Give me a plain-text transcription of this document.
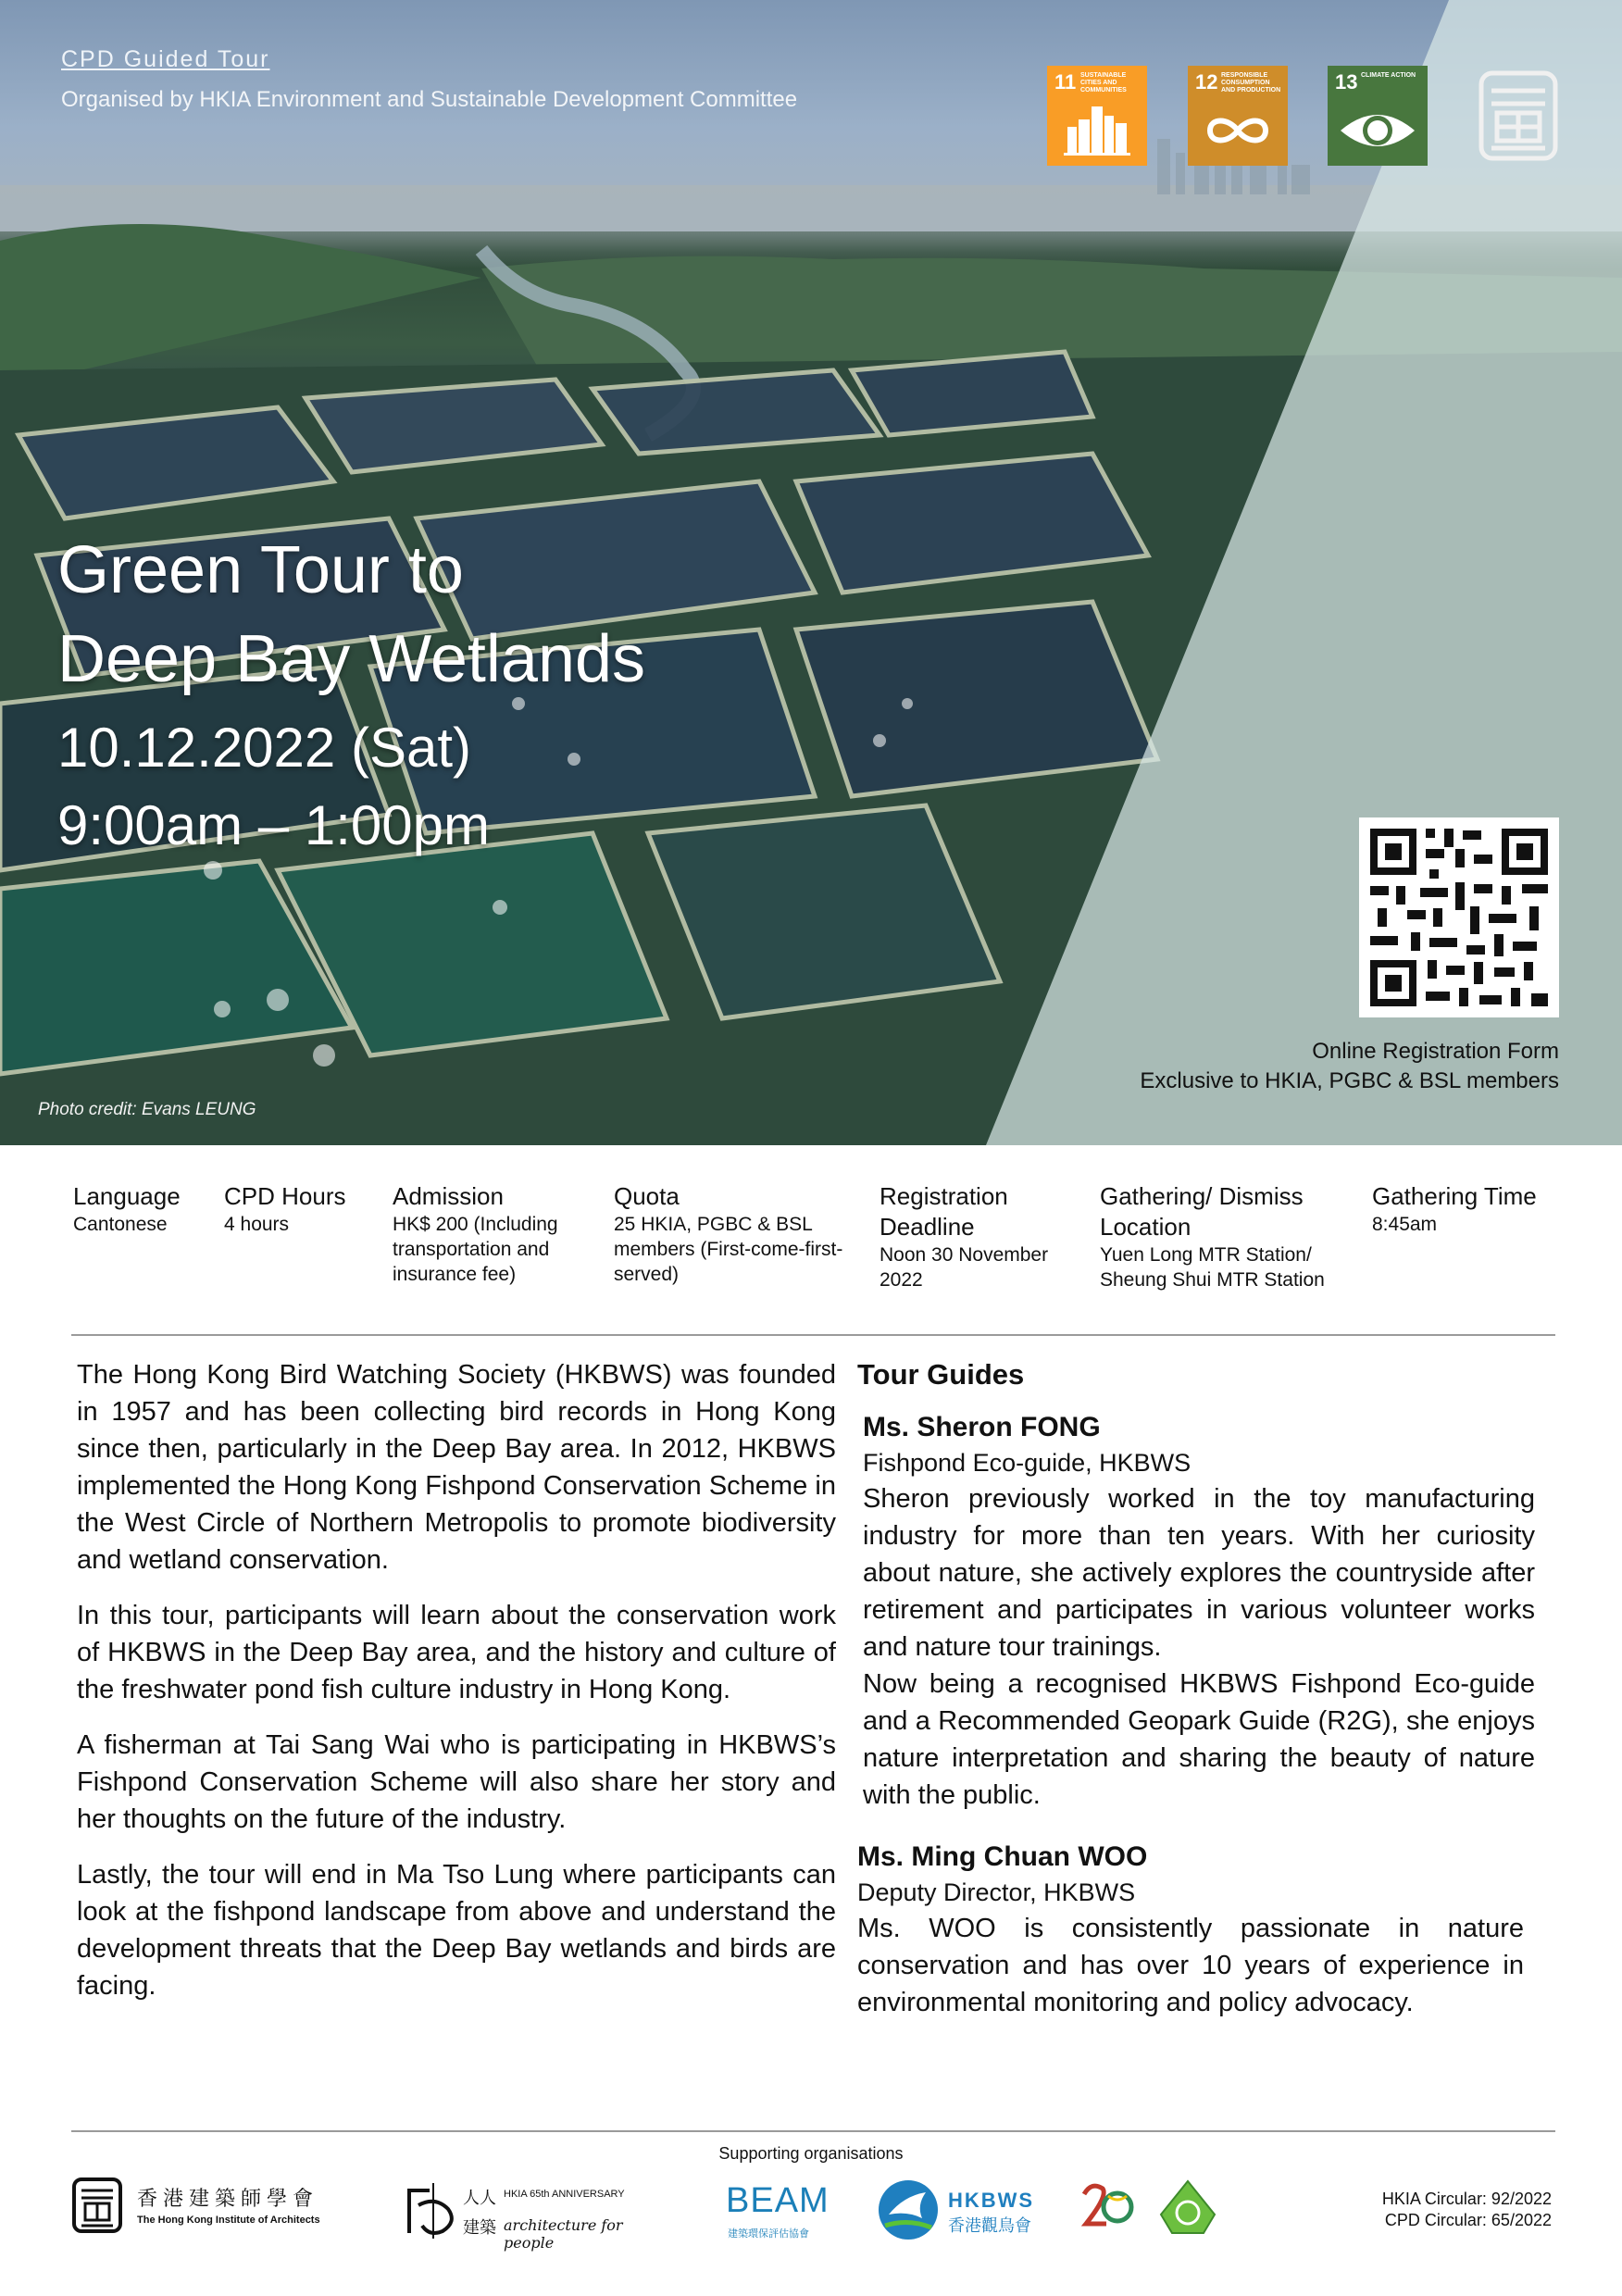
CPD Guided Tour
Organised by HKIA Environment and Sustainable Development Committee
11 SUSTAINABLE CITIES AND COMMUNITIES	12 RESPONSIBLE CONSUMPTION AND PRODUCTION	13 CLIMATE ACTION
Green Tour to
Deep Bay Wetlands
10.12.2022 (Sat)
9:00am – 1:00pm
Online Registration Form
Exclusive to HKIA, PGBC & BSL members
Photo credit: Evans LEUNG
Language
Cantonese
CPD Hours
4 hours
Admission
HK$ 200 (Including transportation and insurance fee)
Quota
25 HKIA, PGBC & BSL members (First-come-first-served)
Registration Deadline
Noon 30 November 2022
Gathering/ Dismiss Location
Yuen Long MTR Station/ Sheung Shui MTR Station
Gathering Time
8:45am

The Hong Kong Bird Watching Society (HKBWS) was founded in 1957 and has been collecting bird records in Hong Kong since then, particularly in the Deep Bay area. In 2012, HKBWS implemented the Hong Kong Fishpond Conservation Scheme in the West Circle of Northern Metropolis to promote biodiversity and wetland conservation.

In this tour, participants will learn about the conservation work of HKBWS in the Deep Bay area, and the history and culture of the freshwater pond fish culture industry in Hong Kong.

A fisherman at Tai Sang Wai who is participating in HKBWS’s Fishpond Conservation Scheme will also share her story and her thoughts on the future of the industry.

Lastly, the tour will end in Ma Tso Lung where participants can look at the fishpond landscape from above and understand the development threats that the Deep Bay wetlands and birds are facing.

Tour Guides
Ms. Sheron FONG
Fishpond Eco-guide, HKBWS
Sheron previously worked in the toy manufacturing industry for more than ten years. With her curiosity about nature, she actively explores the countryside after retirement and participates in various volunteer works and nature tour trainings.
Now being a recognised HKBWS Fishpond Eco-guide and a Recommended Geopark Guide (R2G), she enjoys nature interpretation and sharing the beauty of nature with the public.
Ms. Ming Chuan WOO
Deputy Director, HKBWS
Ms. WOO is consistently passionate in nature conservation and has over 10 years of experience in environmental monitoring and policy advocacy.
Supporting organisations
香港建築師學會
The Hong Kong Institute of Architects
人人 HKIA 65th ANNIVERSARY
建築 architecture for people
BEAM
建築環保評估協會
HKBWS
香港觀鳥會
HKIA Circular: 92/2022
CPD Circular: 65/2022
